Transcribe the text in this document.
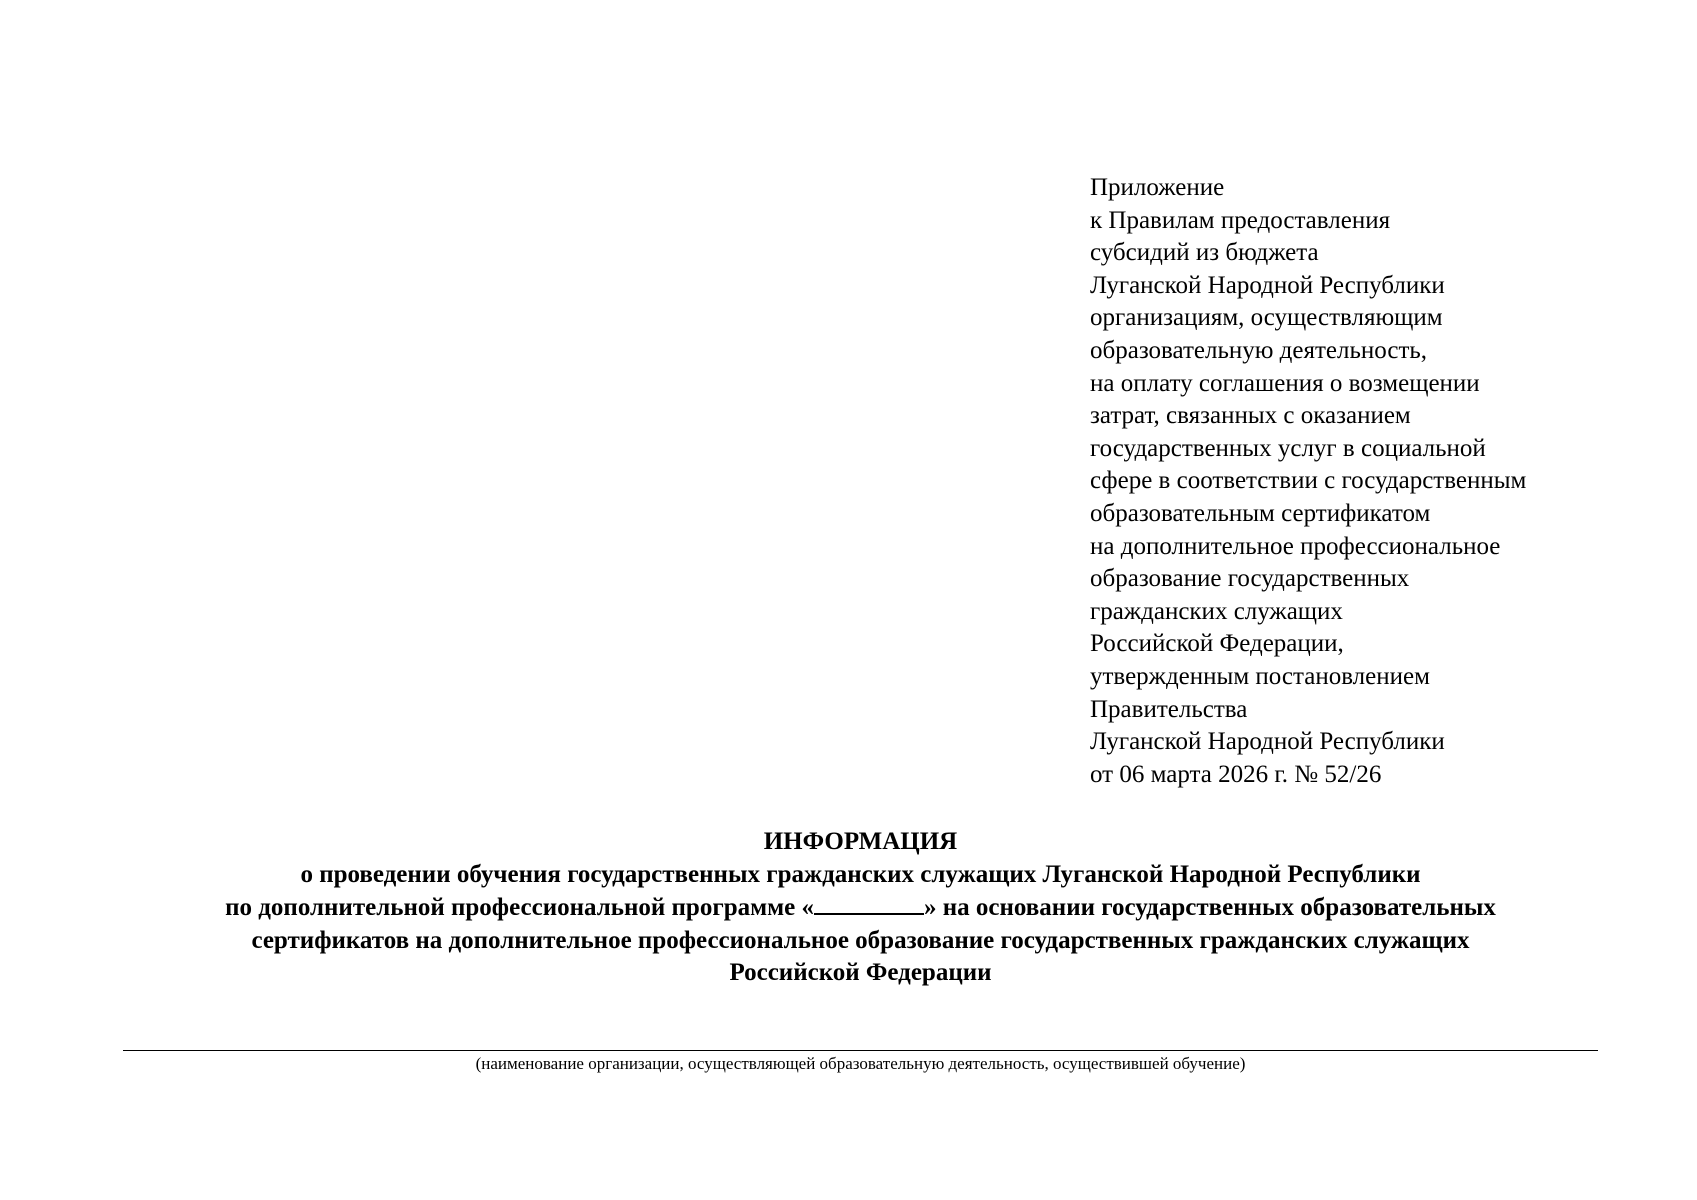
Приложение
к Правилам предоставления
субсидий из бюджета
Луганской Народной Республики
организациям, осуществляющим
образовательную деятельность,
на оплату соглашения о возмещении
затрат, связанных с оказанием
государственных услуг в социальной
сфере в соответствии с государственным
образовательным сертификатом
на дополнительное профессиональное
образование государственных
гражданских служащих
Российской Федерации,
утвержденным постановлением
Правительства
Луганской Народной Республики
от 06 марта 2026 г. № 52/26
ИНФОРМАЦИЯ
о проведении обучения государственных гражданских служащих Луганской Народной Республики
по дополнительной профессиональной программе «	» на основании государственных образовательных
сертификатов на дополнительное профессиональное образование государственных гражданских служащих
Российской Федерации
(наименование организации, осуществляющей образовательную деятельность, осуществившей обучение)
